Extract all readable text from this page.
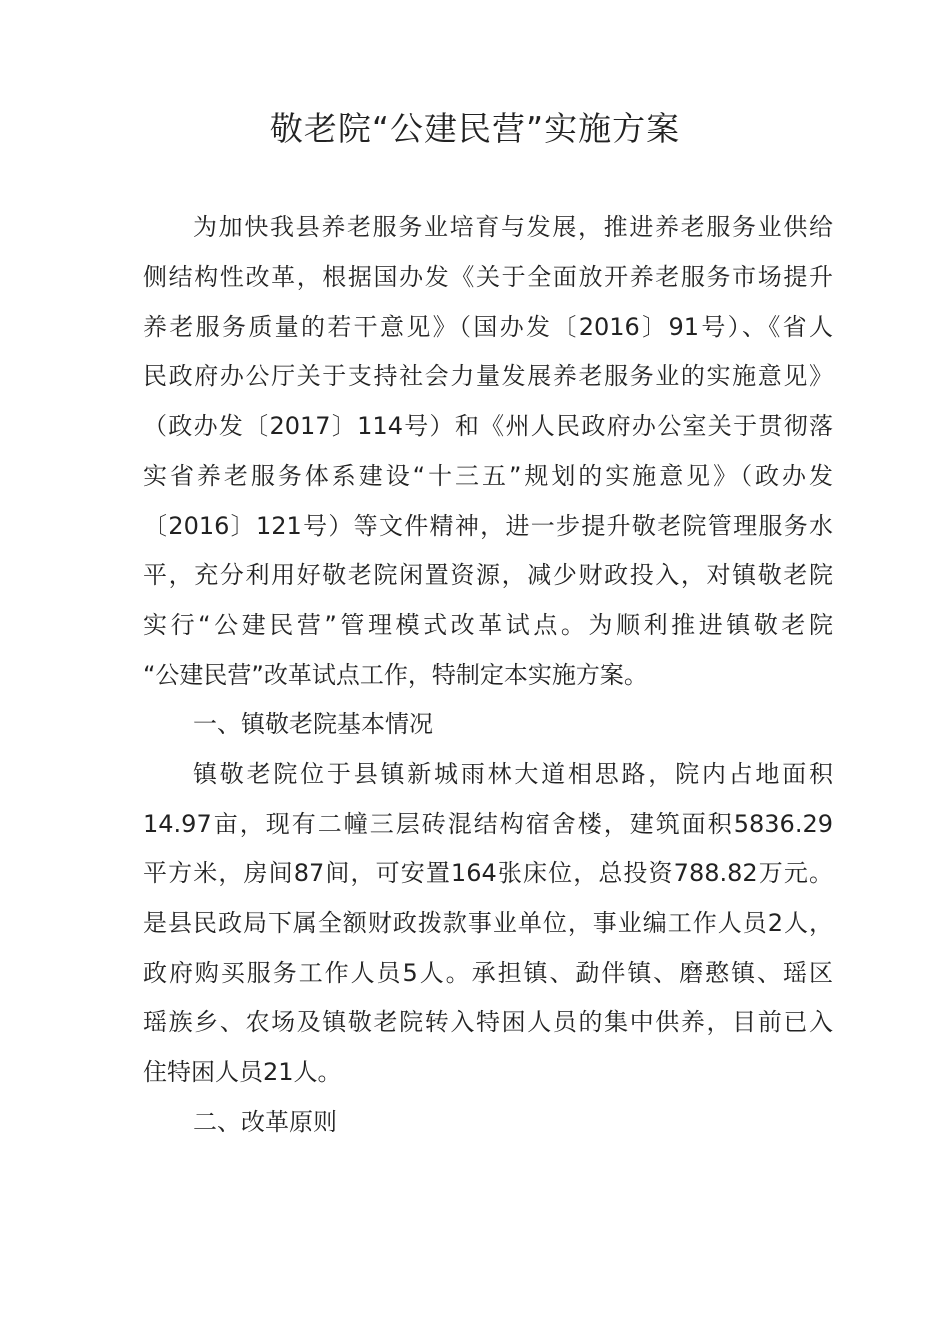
敬老院“公建民营”实施方案
为加快我县养老服务业培育与发展，推进养老服务业供给
侧结构性改革，根据国办发《关于全面放开养老服务市场提升
养老服务质量的若干意见》（国办发〔2016〕91号）、《省人
民政府办公厅关于支持社会力量发展养老服务业的实施意见》
（政办发〔2017〕114号）和《州人民政府办公室关于贯彻落
实省养老服务体系建设“十三五”规划的实施意见》（政办发
〔2016〕121号）等文件精神，进一步提升敬老院管理服务水
平，充分利用好敬老院闲置资源，减少财政投入，对镇敬老院
实行“公建民营”管理模式改革试点。为顺利推进镇敬老院
“公建民营”改革试点工作，特制定本实施方案。
一、镇敬老院基本情况
镇敬老院位于县镇新城雨林大道相思路，院内占地面积
14.97亩，现有二幢三层砖混结构宿舍楼，建筑面积5836.29
平方米，房间87间，可安置164张床位，总投资788.82万元。
是县民政局下属全额财政拨款事业单位，事业编工作人员2人，
政府购买服务工作人员5人。承担镇、勐伴镇、磨憨镇、瑶区
瑶族乡、农场及镇敬老院转入特困人员的集中供养，目前已入
住特困人员21人。
二、改革原则
